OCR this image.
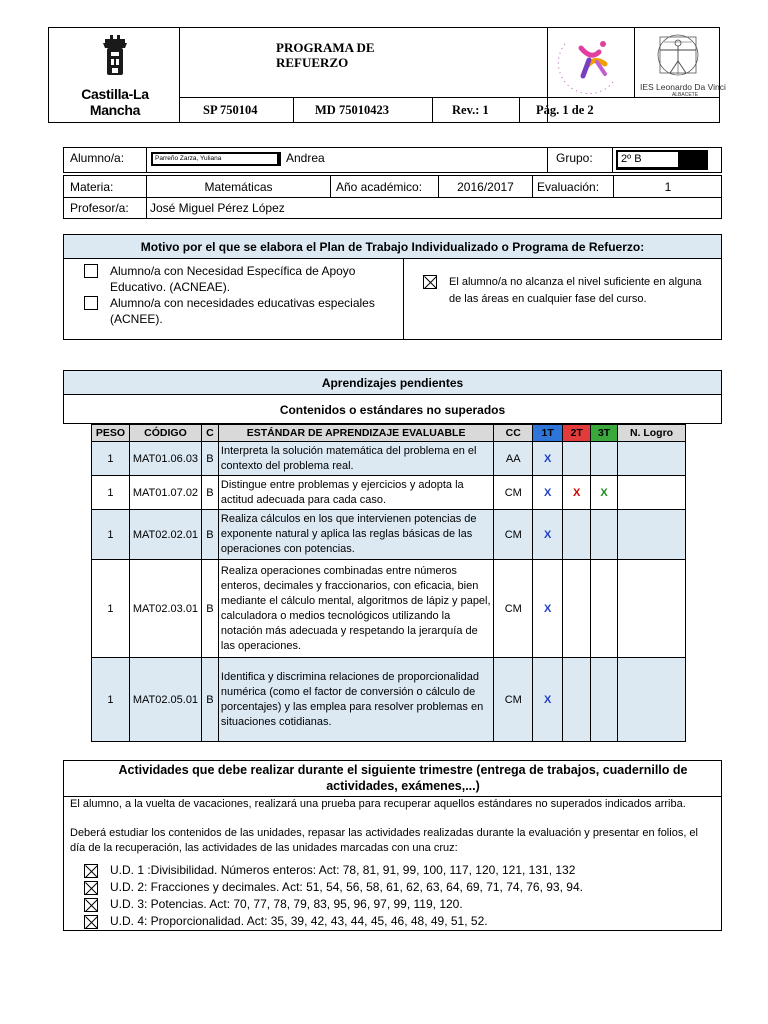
Castilla-La Mancha
PROGRAMA DE REFUERZO
IES Leonardo Da Vinci
ALBACETE
SP 750104	MD 75010423	Rev.: 1	Pág. 1 de 2
Alumno/a:	Parreño Zarza, Yuliana	Andrea	Grupo:	2º B
Materia:	Matemáticas	Año académico:	2016/2017	Evaluación:	1
Profesor/a: José Miguel Pérez López
Motivo por el que se elabora el Plan de Trabajo Individualizado o Programa de Refuerzo:
Alumno/a con Necesidad Específica de Apoyo Educativo. (ACNEAE).
Alumno/a con necesidades educativas especiales (ACNEE).
El alumno/a no alcanza el nivel suficiente en alguna de las áreas en cualquier fase del curso.
Aprendizajes pendientes
Contenidos o estándares no superados
PESO	CÓDIGO	C	ESTÁNDAR DE APRENDIZAJE EVALUABLE	CC	1T	2T	3T	N. Logro
1	MAT01.06.03	B	Interpreta la solución matemática del problema en el contexto del problema real.	AA	X			
1	MAT01.07.02	B	Distingue entre problemas y ejercicios y adopta la actitud adecuada para cada caso.	CM	X	X	X	
1	MAT02.02.01	B	Realiza cálculos en los que intervienen potencias de exponente natural y aplica las reglas básicas de las operaciones con potencias.	CM	X			
1	MAT02.03.01	B	Realiza operaciones combinadas entre números enteros, decimales y fraccionarios, con eficacia, bien mediante el cálculo mental, algoritmos de lápiz y papel, calculadora o medios tecnológicos utilizando la notación más adecuada y respetando la jerarquía de las operaciones.	CM	X			
1	MAT02.05.01	B	Identifica y discrimina relaciones de proporcionalidad numérica (como el factor de conversión o cálculo de porcentajes) y las emplea para resolver problemas en situaciones cotidianas.	CM	X			
Actividades que debe realizar durante el siguiente trimestre (entrega de trabajos, cuadernillo de actividades, exámenes,...)
El alumno, a la vuelta de vacaciones, realizará una prueba para recuperar aquellos estándares no superados indicados arriba.
Deberá estudiar los contenidos de las unidades, repasar las actividades realizadas durante la evaluación y presentar en folios, el día de la recuperación, las actividades de las unidades marcadas con una cruz:
U.D. 1 :Divisibilidad. Números enteros: Act: 78, 81, 91, 99, 100, 117, 120, 121, 131, 132
U.D. 2: Fracciones y decimales. Act: 51, 54, 56, 58, 61, 62, 63, 64, 69, 71, 74, 76, 93, 94.
U.D. 3: Potencias. Act: 70, 77, 78, 79, 83, 95, 96, 97, 99, 119, 120.
U.D. 4: Proporcionalidad. Act: 35, 39, 42, 43, 44, 45, 46, 48, 49, 51, 52.
